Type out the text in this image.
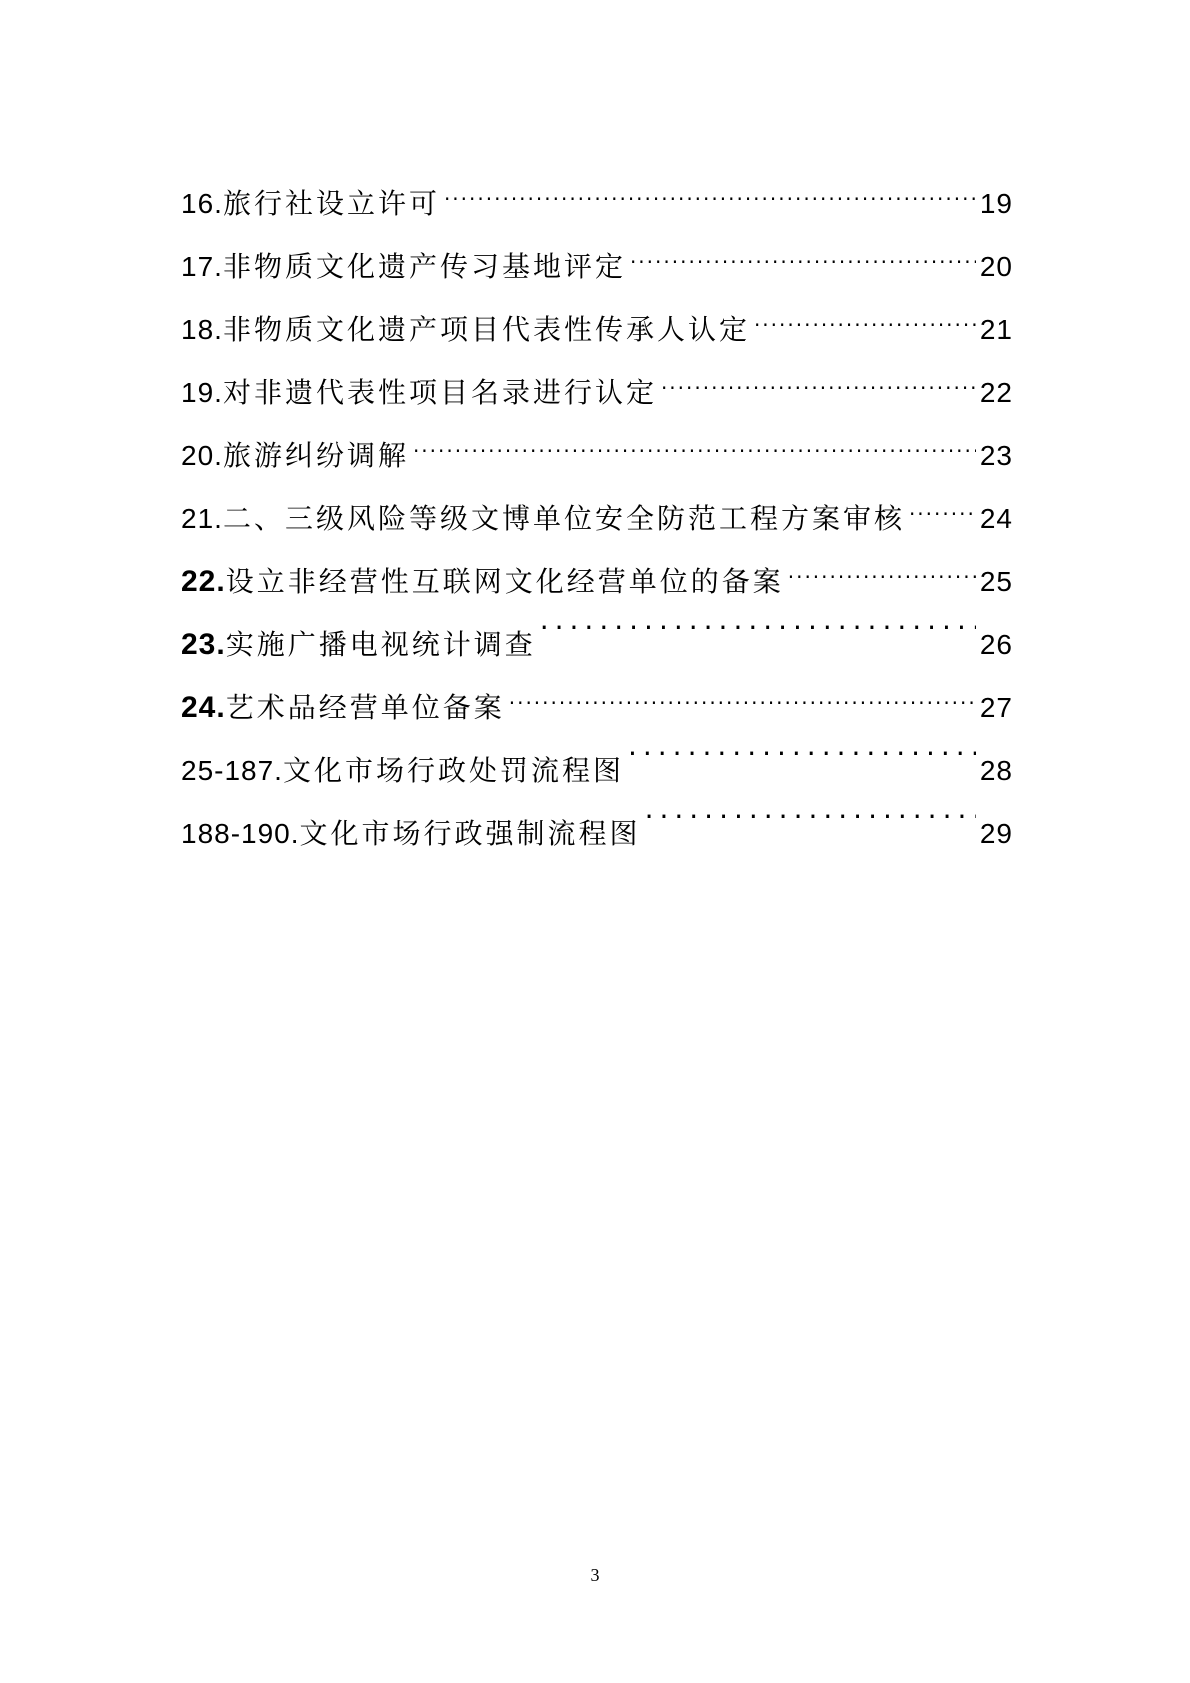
16. 旅行社设立许可 .....	19
17. 非物质文化遗产传习基地评定 .....	20
18. 非物质文化遗产项目代表性传承人认定 .....	21
19. 对非遗代表性项目名录进行认定 .....	22
20. 旅游纠纷调解 .....	23
21. 二、三级风险等级文博单位安全防范工程方案审核 .....	24
22. 设立非经营性互联网文化经营单位的备案 .....	25
23. 实施广播电视统计调查 ·····	26
24. 艺术品经营单位备案 .....	27
25-187. 文化市场行政处罚流程图 ·····	28
188-190. 文化市场行政强制流程图 ·····	29
3
